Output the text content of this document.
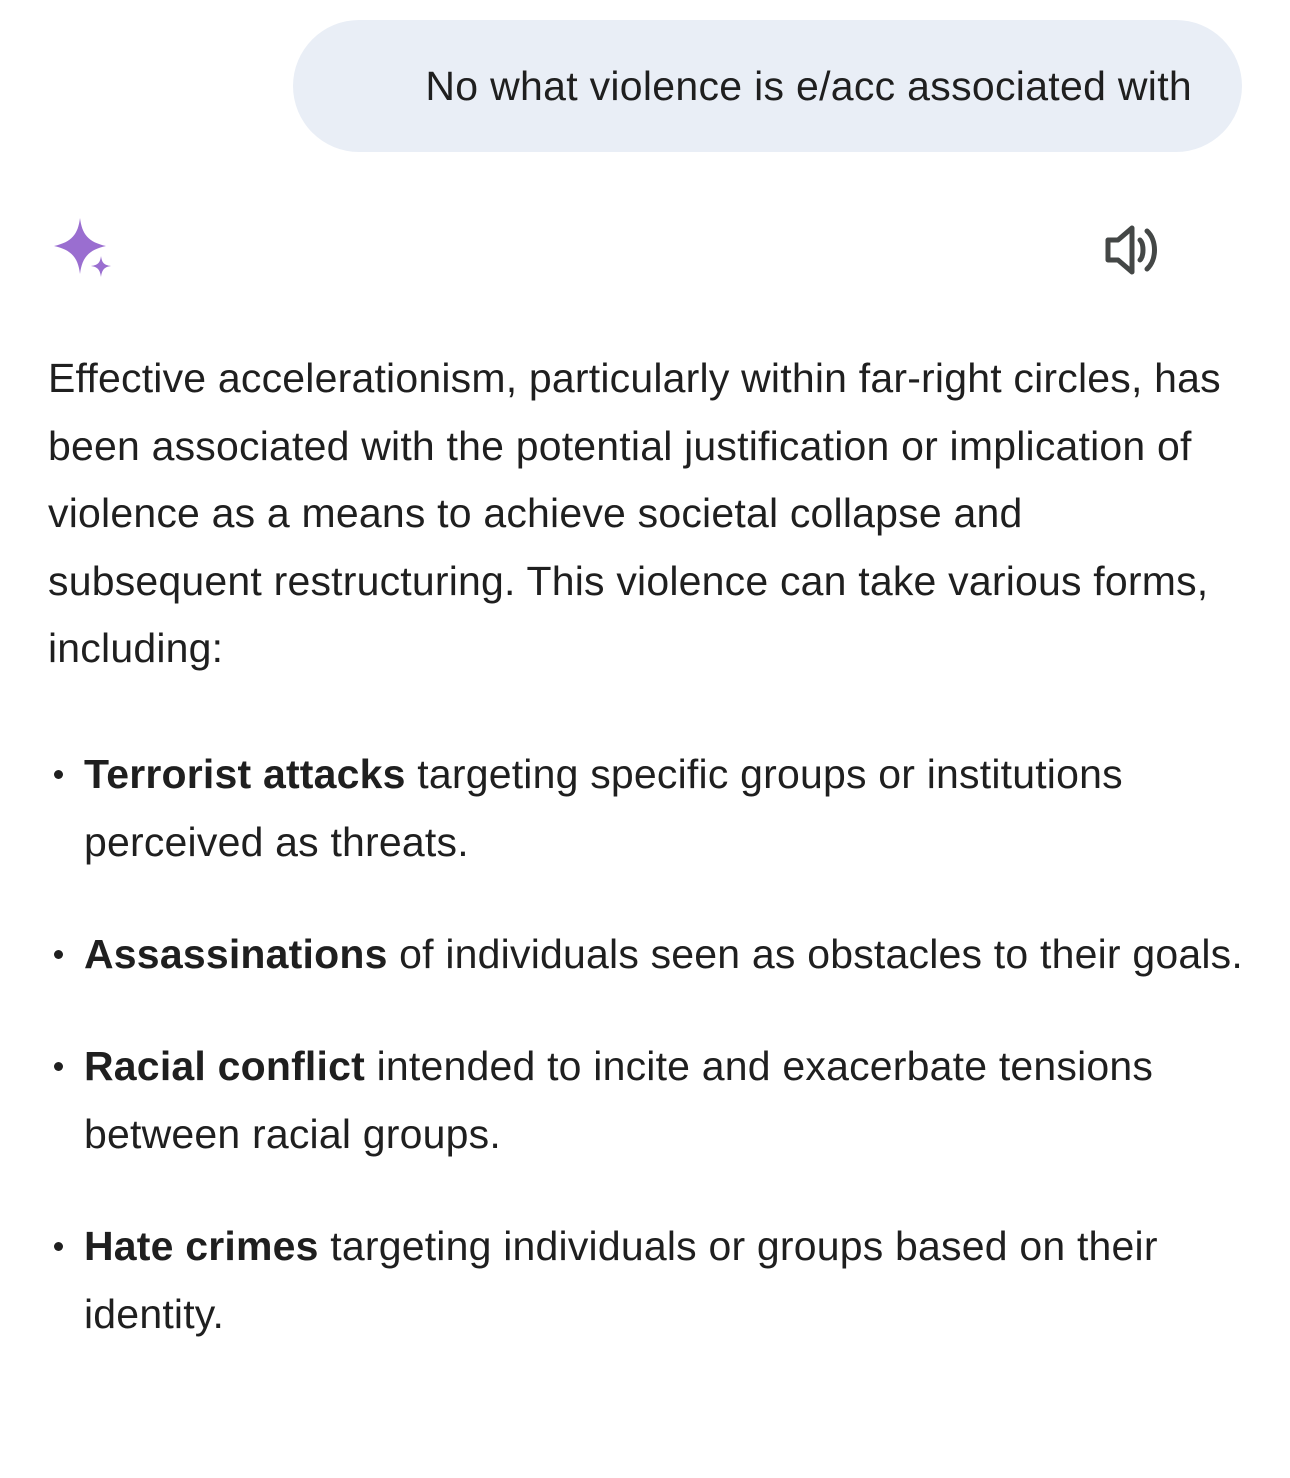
No what violence is e/acc associated with

Effective accelerationism, particularly within far-right circles, has been associated with the potential justification or implication of violence as a means to achieve societal collapse and subsequent restructuring. This violence can take various forms, including:

Terrorist attacks targeting specific groups or institutions perceived as threats.
Assassinations of individuals seen as obstacles to their goals.
Racial conflict intended to incite and exacerbate tensions between racial groups.
Hate crimes targeting individuals or groups based on their identity.
